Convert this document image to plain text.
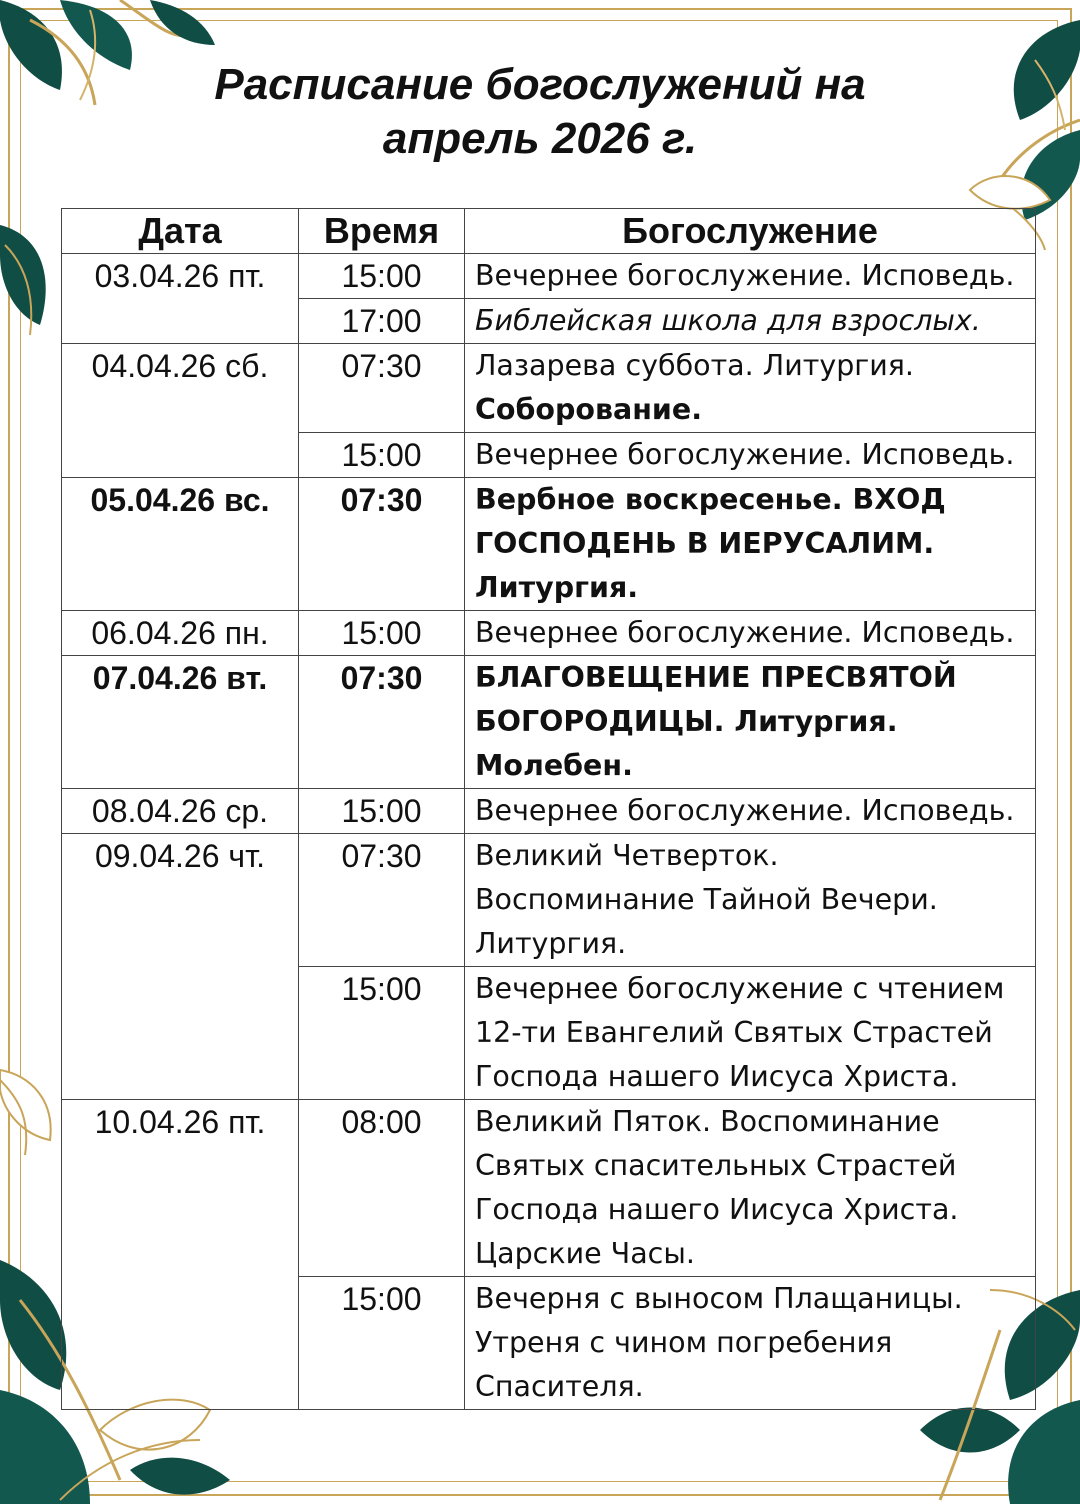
Расписание богослужений на
апрель 2026 г.
Дата	Время	Богослужение
03.04.26 пт.	15:00	Вечернее богослужение. Исповедь.

	17:00	Библейская школа для взрослых.

04.04.26 сб.	07:30	Лазарева суббота. Литургия.
Соборование.

	15:00	Вечернее богослужение. Исповедь.

05.04.26 вс.	07:30	Вербное воскресенье. ВХОД
ГОСПОДЕНЬ В ИЕРУСАЛИМ.
Литургия.

06.04.26 пн.	15:00	Вечернее богослужение. Исповедь.

07.04.26 вт.	07:30	БЛАГОВЕЩЕНИЕ ПРЕСВЯТОЙ
БОГОРОДИЦЫ. Литургия.
Молебен.

08.04.26 ср.	15:00	Вечернее богослужение. Исповедь.

09.04.26 чт.	07:30	Великий Четверток.
Воспоминание Тайной Вечери.
Литургия.

	15:00	Вечернее богослужение с чтением
12-ти Евангелий Святых Страстей
Господа нашего Иисуса Христа.

10.04.26 пт.	08:00	Великий Пяток. Воспоминание
Святых спасительных Страстей
Господа нашего Иисуса Христа.
Царские Часы.

	15:00	Вечерня с выносом Плащаницы.
Утреня с чином погребения
Спасителя.
